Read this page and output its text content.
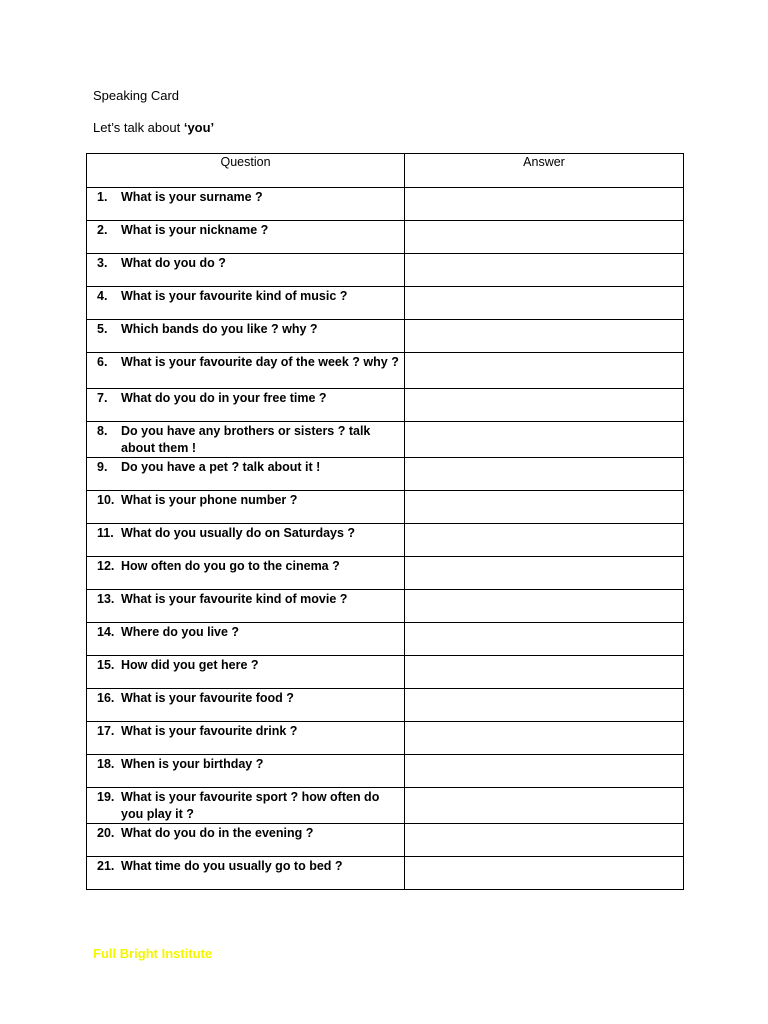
Speaking Card
Let’s talk about ‘you’
Question	Answer

1. What is your surname ?	

2. What is your nickname ?	

3. What do you do ?	

4. What is your favourite kind of music ?	

5. Which bands do you like ? why ?	

6. What is your favourite day of the week ? why ?	

7. What do you do in your free time ?	

8. Do you have any brothers or sisters ? talk about them !	

9. Do you have a pet ? talk about it !	

10. What is your phone number ?	

11. What do you usually do on Saturdays ?	

12. How often do you go to the cinema ?	

13. What is your favourite kind of movie ?	

14. Where do you live ?	

15. How did you get here ?	

16. What is your favourite food ?	

17. What is your favourite drink ?	

18. When is your birthday ?	

19. What is your favourite sport ? how often do you play it ?	

20. What do you do in the evening ?	

21. What time do you usually go to bed ?	

Full Bright Institute
